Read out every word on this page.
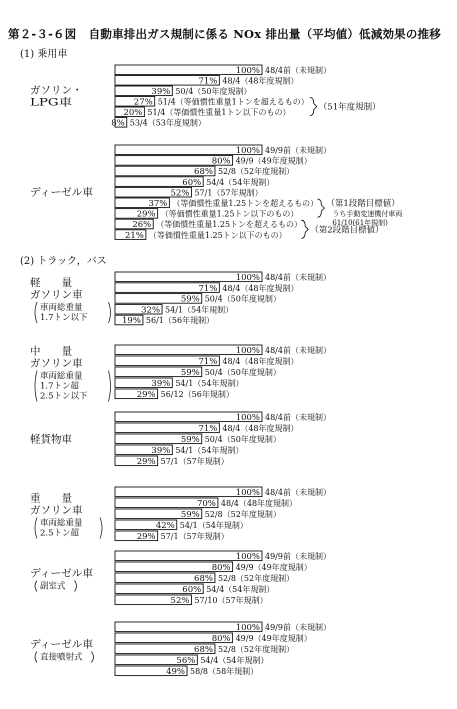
第２-３-６図 自動車排出ガス規制に係る NOx 排出量（平均値）低減効果の推移
(1) 乗用車
(2) トラック，バス
ガソリン・
LPG車
100% 48/4前（未規制）
71% 48/4（48年度規制）
39% 50/4（50年度規制）
27% 51/4（等価慣性重量1トンを超えるもの）
20% 51/4（等価慣性重量1トン以下のもの）
8% 53/4（53年度規制）
（51年度規制）
ディーゼル車
100% 49/9前（未規制）
80% 49/9（49年度規制）
68% 52/8（52年度規制）
60% 54/4（54年規制）
52% 57/1（57年規制）
37% （等価慣性重量1.25トンを超えるもの）
29% （等価慣性重量1.25トン以下のもの）
26% （等価慣性重量1.25トンを超えるもの）
21% （等価慣性重量1.25トン以下のもの）
（第1段階目標値）
うち手動変速機付車両
61/10(61年規制)
（第2段階目標値）
軽　　量
ガソリン車
車両総重量
1.7トン以下
100% 48/4前（未規制）
71% 48/4（48年度規制）
59% 50/4（50年度規制）
32% 54/1（54年規制）
19% 56/1（56年規制）
中　　量
ガソリン車
車両総重量
1.7トン超
2.5トン以下
100% 48/4前（未規制）
71% 48/4（48年度規制）
59% 50/4（50年度規制）
39% 54/1（54年規制）
29% 56/12（56年規制）
軽貨物車
100% 48/4前（未規制）
71% 48/4（48年度規制）
59% 50/4（50年度規制）
39% 54/1（54年規制）
29% 57/1（57年規制）
重　　量
ガソリン車
車両総重量
2.5トン超
100% 48/4前（未規制）
70% 48/4（48年度規制）
59% 52/8（52年度規制）
42% 54/1（54年規制）
29% 57/1（57年規制）
ディーゼル車
副室式
100% 49/9前（未規制）
80% 49/9（49年度規制）
68% 52/8（52年度規制）
60% 54/4（54年規制）
52% 57/10（57年規制）
ディーゼル車
直接噴射式
100% 49/9前（未規制）
80% 49/9（49年度規制）
68% 52/8（52年度規制）
56% 54/4（54年規制）
49% 58/8（58年規制）
